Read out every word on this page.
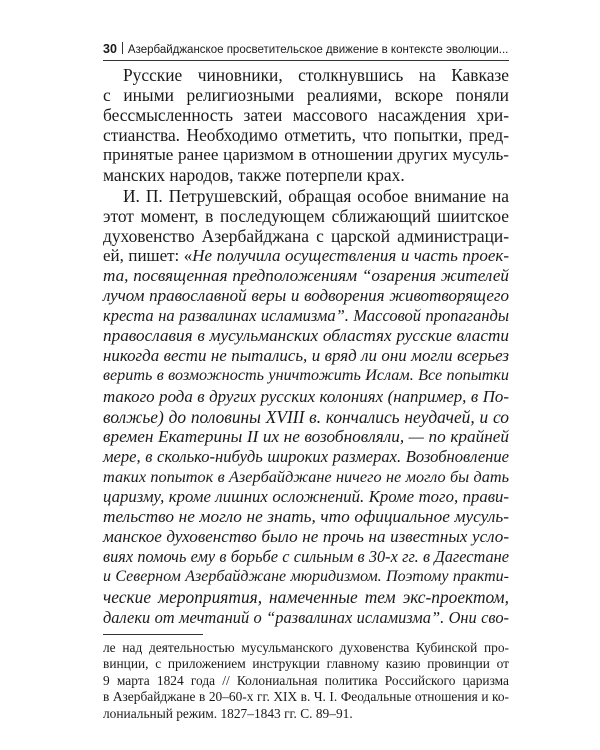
30 Азербайджанское просветительское движение в контексте эволюции...
Русские чиновники, столкнувшись на Кавказе
с иными религиозными реалиями, вскоре поняли
бессмысленность затеи массового насаждения хри-
стианства. Необходимо отметить, что попытки, пред-
принятые ранее царизмом в отношении других мусуль-
манских народов, также потерпели крах.
И. П. Петрушевский, обращая особое внимание на
этот момент, в последующем сближающий шиитское
духовенство Азербайджана с царской администраци-
ей, пишет: «Не получила осуществления и часть проек-
та, посвященная предположениям “озарения жителей
лучом православной веры и водворения животворящего
креста на развалинах исламизма”. Массовой пропаганды
православия в мусульманских областях русские власти
никогда вести не пытались, и вряд ли они могли всерьез
верить в возможность уничтожить Ислам. Все попытки
такого рода в других русских колониях (например, в По-
волжье) до половины XVIII в. кончались неудачей, и со
времен Екатерины II их не возобновляли, — по крайней
мере, в сколько-нибудь широких размерах. Возобновление
таких попыток в Азербайджане ничего не могло бы дать
царизму, кроме лишних осложнений. Кроме того, прави-
тельство не могло не знать, что официальное мусуль-
манское духовенство было не прочь на известных усло-
виях помочь ему в борьбе с сильным в 30-х гг. в Дагестане
и Северном Азербайджане мюридизмом. Поэтому практи-
ческие мероприятия, намеченные тем экс-проектом,
далеки от мечтаний о “развалинах исламизма”. Они сво-
ле над деятельностью мусульманского духовенства Кубинской про-
винции, с приложением инструкции главному казию провинции от
9 марта 1824 года // Колониальная политика Российского царизма
в Азербайджане в 20–60-х гг. XIX в. Ч. I. Феодальные отношения и ко-
лониальный режим. 1827–1843 гг. С. 89–91.
